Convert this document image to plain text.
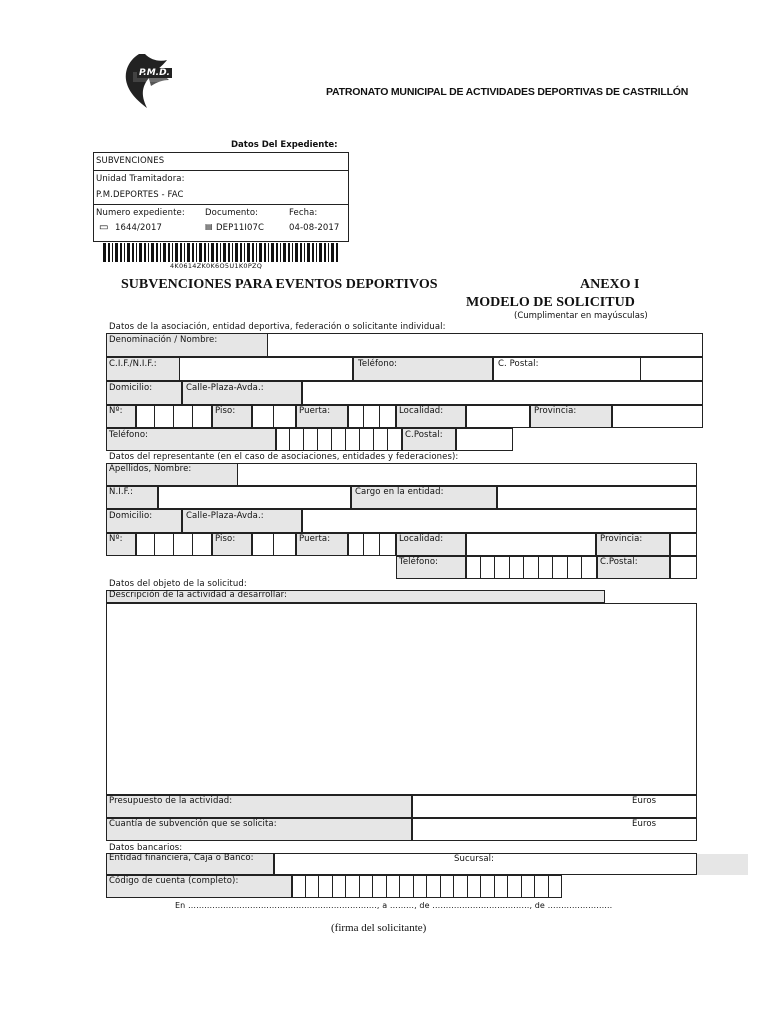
P.M.D.
PATRONATO MUNICIPAL DE ACTIVIDADES DEPORTIVAS DE CASTRILLÓN
Datos Del Expediente:
SUBVENCIONES
Unidad Tramitadora:
P.M.DEPORTES - FAC
Numero expediente: Documento:	Fecha:
▭ 1644/2017	▤ DEP11I07C	04-08-2017
4K0614ZK0K6O5U1K0PZQ
SUBVENCIONES PARA EVENTOS DEPORTIVOS	ANEXO I
MODELO DE SOLICITUD
(Cumplimentar en mayúsculas)
Datos de la asociación, entidad deportiva, federación o solicitante individual:
Denominación / Nombre:
C.I.F./N.I.F.:	Teléfono:	C. Postal:
Domicilio:	Calle-Plaza-Avda.:
Nº:	Piso:	Puerta:	Localidad:	Provincia:
Teléfono:	C.Postal:
Datos del representante (en el caso de asociaciones, entidades y federaciones):
Apellidos, Nombre:
N.I.F.:	Cargo en la entidad:
Domicilio:	Calle-Plaza-Avda.:
Nº:	Piso:	Puerta:	Localidad:	Provincia:
Teléfono:	C.Postal:
Datos del objeto de la solicitud:
Descripción de la actividad a desarrollar:
Presupuesto de la actividad:	Euros
Cuantía de subvención que se solicita:	Euros
Datos bancarios:
Entidad financiera, Caja o Banco:	Sucursal:
Código de cuenta (completo):
En ……………………………………………………………., a ………, de ………………………………, de ……………………
(firma del solicitante)
